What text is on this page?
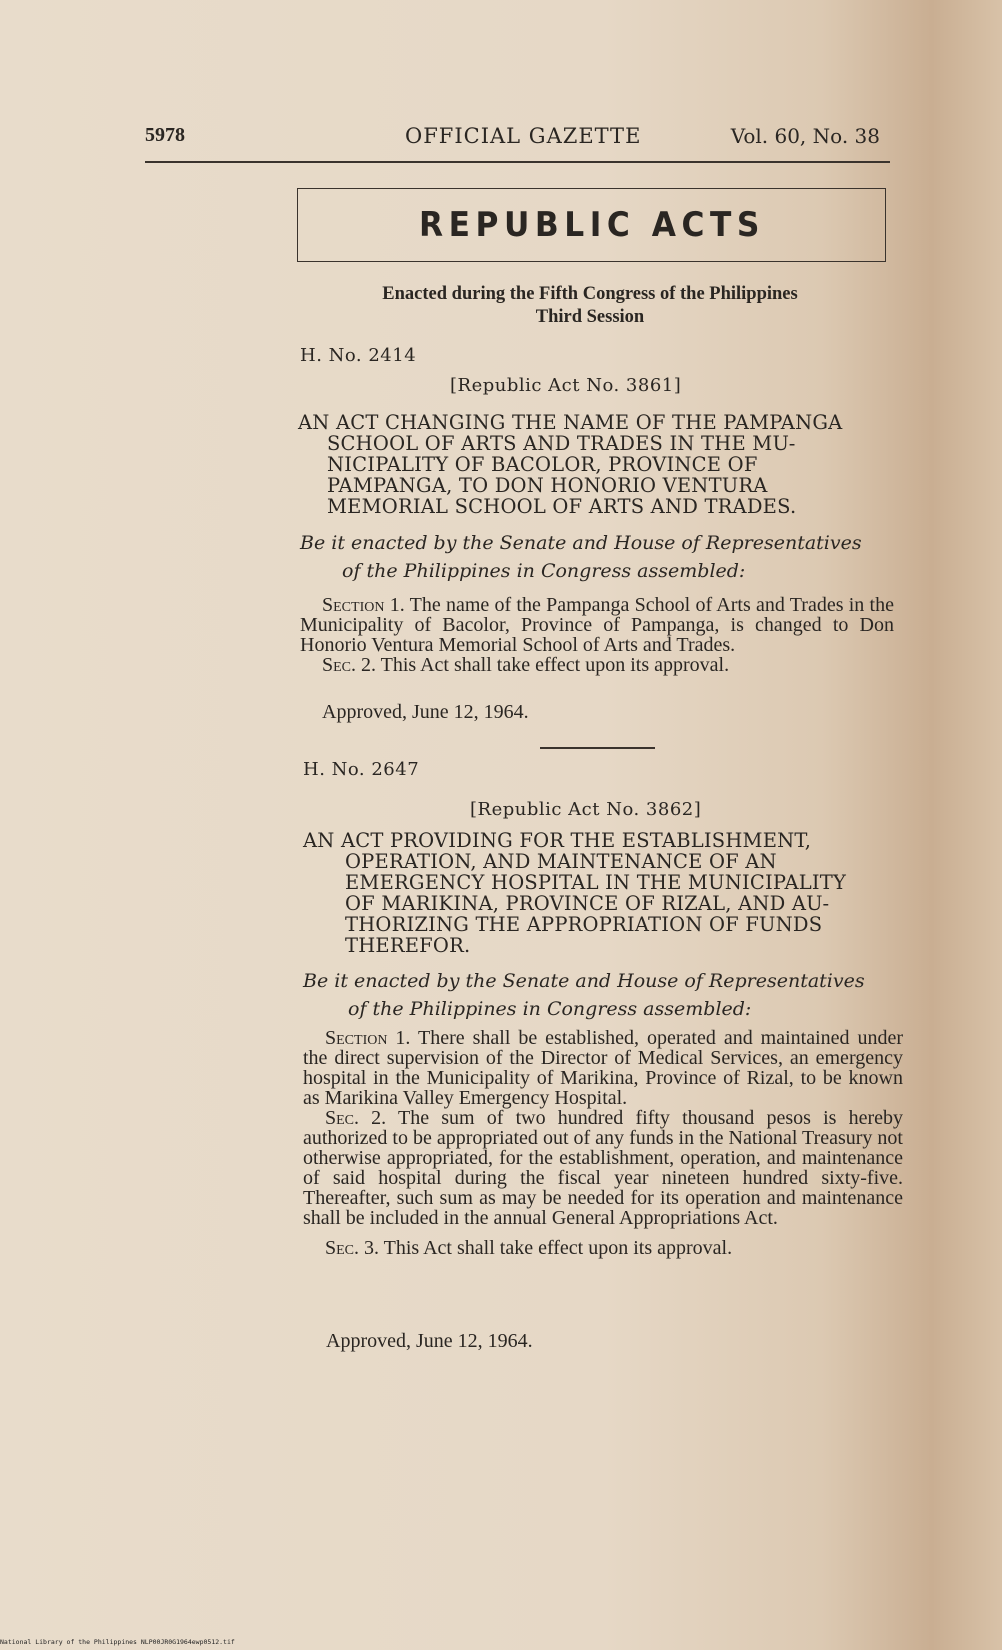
5978	OFFICIAL GAZETTE	Vol. 60, No. 38
REPUBLIC ACTS
Enacted during the Fifth Congress of the Philippines
Third Session
H. No. 2414
[Republic Act No. 3861]
AN ACT CHANGING THE NAME OF THE PAMPANGA
SCHOOL OF ARTS AND TRADES IN THE MU-
NICIPALITY OF BACOLOR, PROVINCE OF
PAMPANGA, TO DON HONORIO VENTURA
MEMORIAL SCHOOL OF ARTS AND TRADES.
Be it enacted by the Senate and House of Representatives
of the Philippines in Congress assembled:

Section 1. The name of the Pampanga School of Arts and Trades in the Municipality of Bacolor, Province of Pampanga, is changed to Don Honorio Ventura Memorial School of Arts and Trades.

Sec. 2. This Act shall take effect upon its approval.

Approved, June 12, 1964.
H. No. 2647
[Republic Act No. 3862]
AN ACT PROVIDING FOR THE ESTABLISHMENT,
OPERATION, AND MAINTENANCE OF AN
EMERGENCY HOSPITAL IN THE MUNICIPALITY
OF MARIKINA, PROVINCE OF RIZAL, AND AU-
THORIZING THE APPROPRIATION OF FUNDS
THEREFOR.
Be it enacted by the Senate and House of Representatives
of the Philippines in Congress assembled:

Section 1. There shall be established, operated and maintained under the direct supervision of the Director of Medical Services, an emergency hospital in the Municipality of Marikina, Province of Rizal, to be known as Marikina Valley Emergency Hospital.

Sec. 2. The sum of two hundred fifty thousand pesos is hereby authorized to be appropriated out of any funds in the National Treasury not otherwise appropriated, for the establishment, operation, and maintenance of said hospital during the fiscal year nineteen hundred sixty-five. Thereafter, such sum as may be needed for its operation and maintenance shall be included in the annual General Appropriations Act.

Sec. 3. This Act shall take effect upon its approval.

Approved, June 12, 1964.
National Library of the Philippines NLP00JR0G1964ewp0512.tif
